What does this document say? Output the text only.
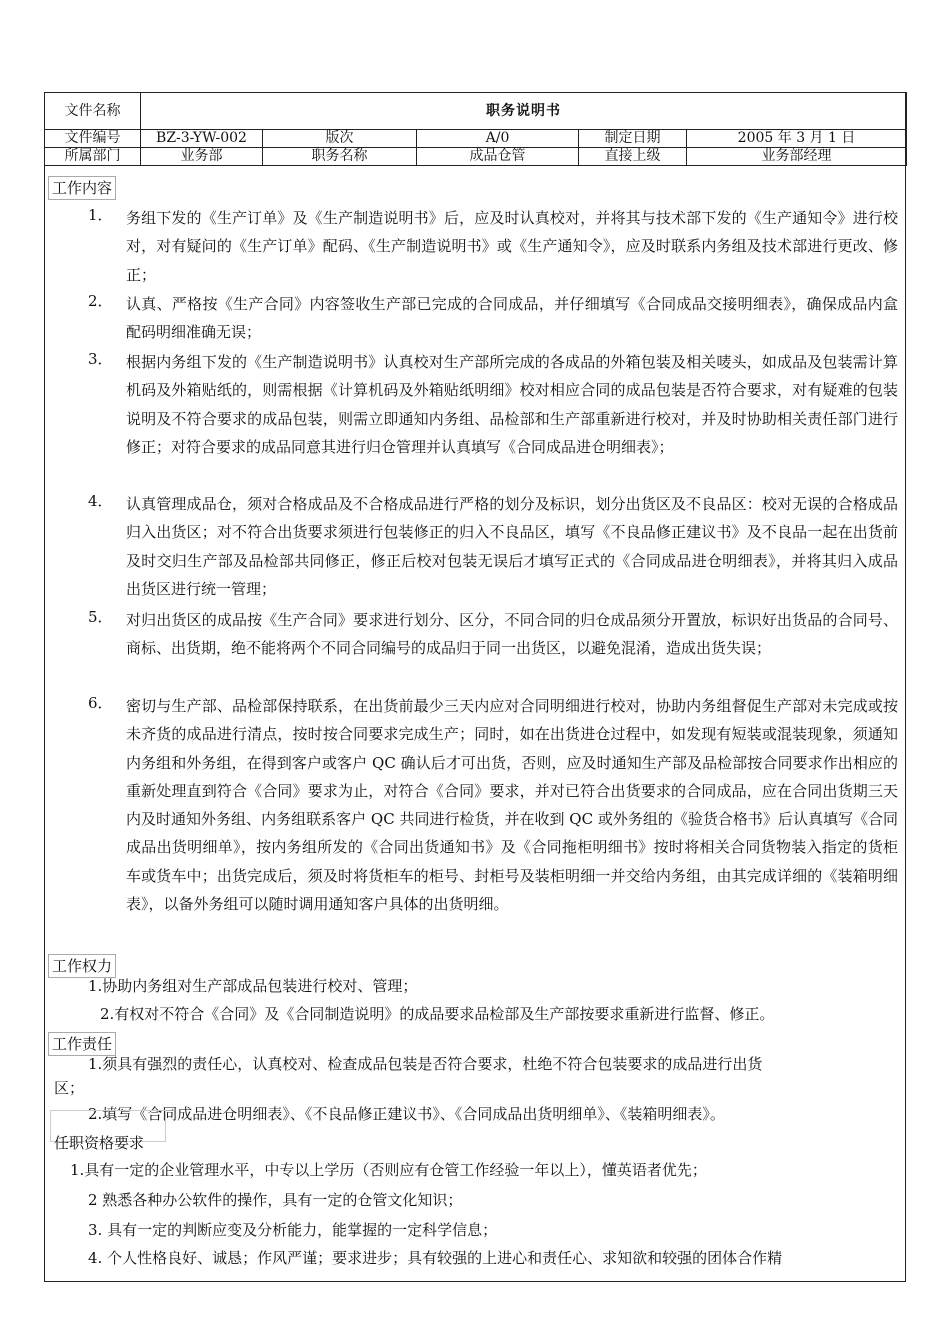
文件名称	职务说明书				
文件编号	BZ-3-YW-002	版次	A/0	制定日期	2005 年 3 月 1 日
所属部门	业务部	职务名称	成品仓管	直接上级	业务部经理
工作内容
1． 务组下发的《生产订单》及《生产制造说明书》后，应及时认真校对，并将其与技术部下发的《生产通知令》进行校对，对有疑问的《生产订单》配码、《生产制造说明书》或《生产通知令》，应及时联系内务组及技术部进行更改、修正；
2． 认真、严格按《生产合同》内容签收生产部已完成的合同成品，并仔细填写《合同成品交接明细表》，确保成品内盒配码明细准确无误；
3． 根据内务组下发的《生产制造说明书》认真校对生产部所完成的各成品的外箱包装及相关唛头，如成品及包装需计算机码及外箱贴纸的，则需根据《计算机码及外箱贴纸明细》校对相应合同的成品包装是否符合要求，对有疑难的包装说明及不符合要求的成品包装，则需立即通知内务组、品检部和生产部重新进行校对，并及时协助相关责任部门进行修正；对符合要求的成品同意其进行归仓管理并认真填写《合同成品进仓明细表》；
4． 认真管理成品仓，须对合格成品及不合格成品进行严格的划分及标识，划分出货区及不良品区：校对无误的合格成品归入出货区；对不符合出货要求须进行包装修正的归入不良品区，填写《不良品修正建议书》及不良品一起在出货前及时交归生产部及品检部共同修正，修正后校对包装无误后才填写正式的《合同成品进仓明细表》，并将其归入成品出货区进行统一管理；
5． 对归出货区的成品按《生产合同》要求进行划分、区分，不同合同的归仓成品须分开置放，标识好出货品的合同号、商标、出货期，绝不能将两个不同合同编号的成品归于同一出货区，以避免混淆，造成出货失误；
6． 密切与生产部、品检部保持联系，在出货前最少三天内应对合同明细进行校对，协助内务组督促生产部对未完成或按未齐货的成品进行清点，按时按合同要求完成生产；同时，如在出货进仓过程中，如发现有短装或混装现象，须通知内务组和外务组，在得到客户或客户 QC 确认后才可出货，否则，应及时通知生产部及品检部按合同要求作出相应的重新处理直到符合《合同》要求为止，对符合《合同》要求，并对已符合出货要求的合同成品，应在合同出货期三天内及时通知外务组、内务组联系客户 QC 共同进行检货，并在收到 QC 或外务组的《验货合格书》后认真填写《合同成品出货明细单》，按内务组所发的《合同出货通知书》及《合同拖柜明细书》按时将相关合同货物装入指定的货柜车或货车中；出货完成后，须及时将货柜车的柜号、封柜号及装柜明细一并交给内务组，由其完成详细的《装箱明细表》，以备外务组可以随时调用通知客户具体的出货明细。
工作权力
1.协助内务组对生产部成品包装进行校对、管理；
2.有权对不符合《合同》及《合同制造说明》的成品要求品检部及生产部按要求重新进行监督、修正。
工作责任
1.须具有强烈的责任心，认真校对、检查成品包装是否符合要求，杜绝不符合包装要求的成品进行出货
区；
2.填写《合同成品进仓明细表》、《不良品修正建议书》、《合同成品出货明细单》、《装箱明细表》。
任职资格要求
1.具有一定的企业管理水平，中专以上学历（否则应有仓管工作经验一年以上），懂英语者优先；
2 熟悉各种办公软件的操作，具有一定的仓管文化知识；
3. 具有一定的判断应变及分析能力，能掌握的一定科学信息；
4. 个人性格良好、诚恳；作风严谨；要求进步；具有较强的上进心和责任心、求知欲和较强的团体合作精
